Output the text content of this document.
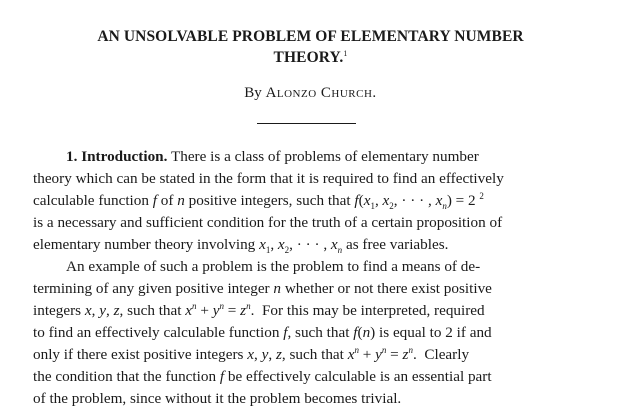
AN UNSOLVABLE PROBLEM OF ELEMENTARY NUMBER
THEORY.$^1$
By Alonzo Church.
1. Introduction. There is a class of problems of elementary number
theory which can be stated in the form that it is required to find an effectively
calculable function f of n positive integers, such that $f(x_1$, $x_2$, · · · , $x_n) = 2$ $^2$
is a necessary and sufficient condition for the truth of a certain proposition of
elementary number theory involving $x_1$, $x_2$, · · · , $x_n$ as free variables.
An example of such a problem is the problem to find a means of de-
termining of any given positive integer n whether or not there exist positive
integers x, y, z, such that $x^n + y^n = z^n$.  For this may be interpreted, required
to find an effectively calculable function f, such that f(n) is equal to 2 if and
only if there exist positive integers x, y, z, such that $x^n + y^n = z^n$.  Clearly
the condition that the function f be effectively calculable is an essential part
of the problem, since without it the problem becomes trivial.
